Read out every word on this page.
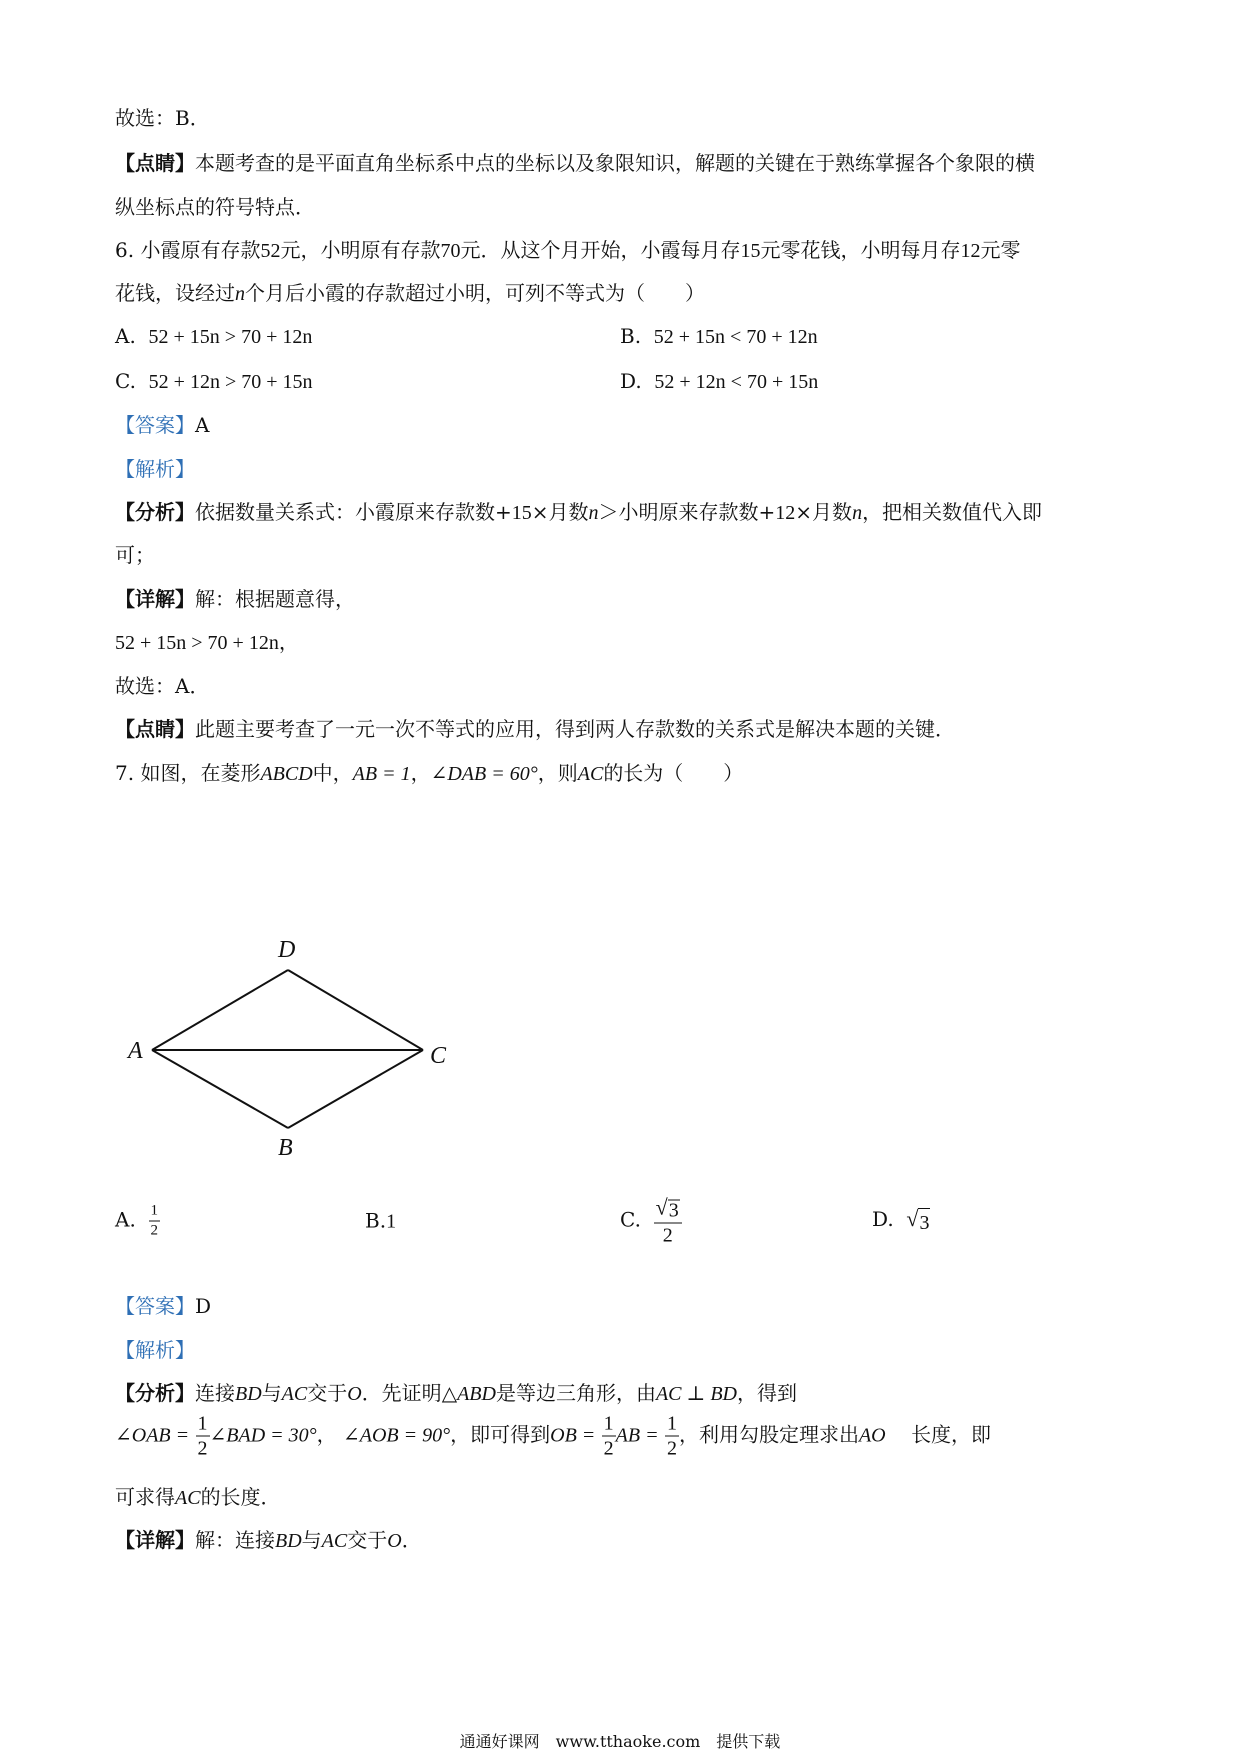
故选：B．
【点睛】本题考查的是平面直角坐标系中点的坐标以及象限知识，解题的关键在于熟练掌握各个象限的横
纵坐标点的符号特点．
6. 小霞原有存款52元，小明原有存款70元．从这个月开始，小霞每月存15元零花钱，小明每月存12元零
花钱，设经过n个月后小霞的存款超过小明，可列不等式为（　　）
A. 52 + 15n > 70 + 12n	B. 52 + 15n < 70 + 12n
C. 52 + 12n > 70 + 15n	D. 52 + 12n < 70 + 15n
【答案】A
【解析】
【分析】依据数量关系式：小霞原来存款数+15×月数n＞小明原来存款数+12×月数n，把相关数值代入即
可；
【详解】解：根据题意得，
52 + 15n > 70 + 12n，
故选：A．
【点睛】此题主要考查了一元一次不等式的应用，得到两人存款数的关系式是解决本题的关键．
7. 如图，在菱形ABCD中，AB = 1，∠DAB = 60°，则AC的长为（　　）
A
D
C
B
A. $\frac{1}{2}$	B.1	C. $\frac{√ 3}{2}$	D. √ 3
【答案】D
【解析】
【分析】连接BD与AC交于O．先证明△ABD是等边三角形，由AC ⊥ BD，得到
∠OAB = $\frac{1}{2}$ ∠BAD = 30°， ∠AOB = 90°，即可得到OB = $\frac{1}{2}$ AB = $\frac{1}{2}$ ，利用勾股定理求出AO 长度，即
可求得AC的长度．
【详解】解：连接BD与AC交于O．
通通好课网　www.tthaoke.com　提供下载
